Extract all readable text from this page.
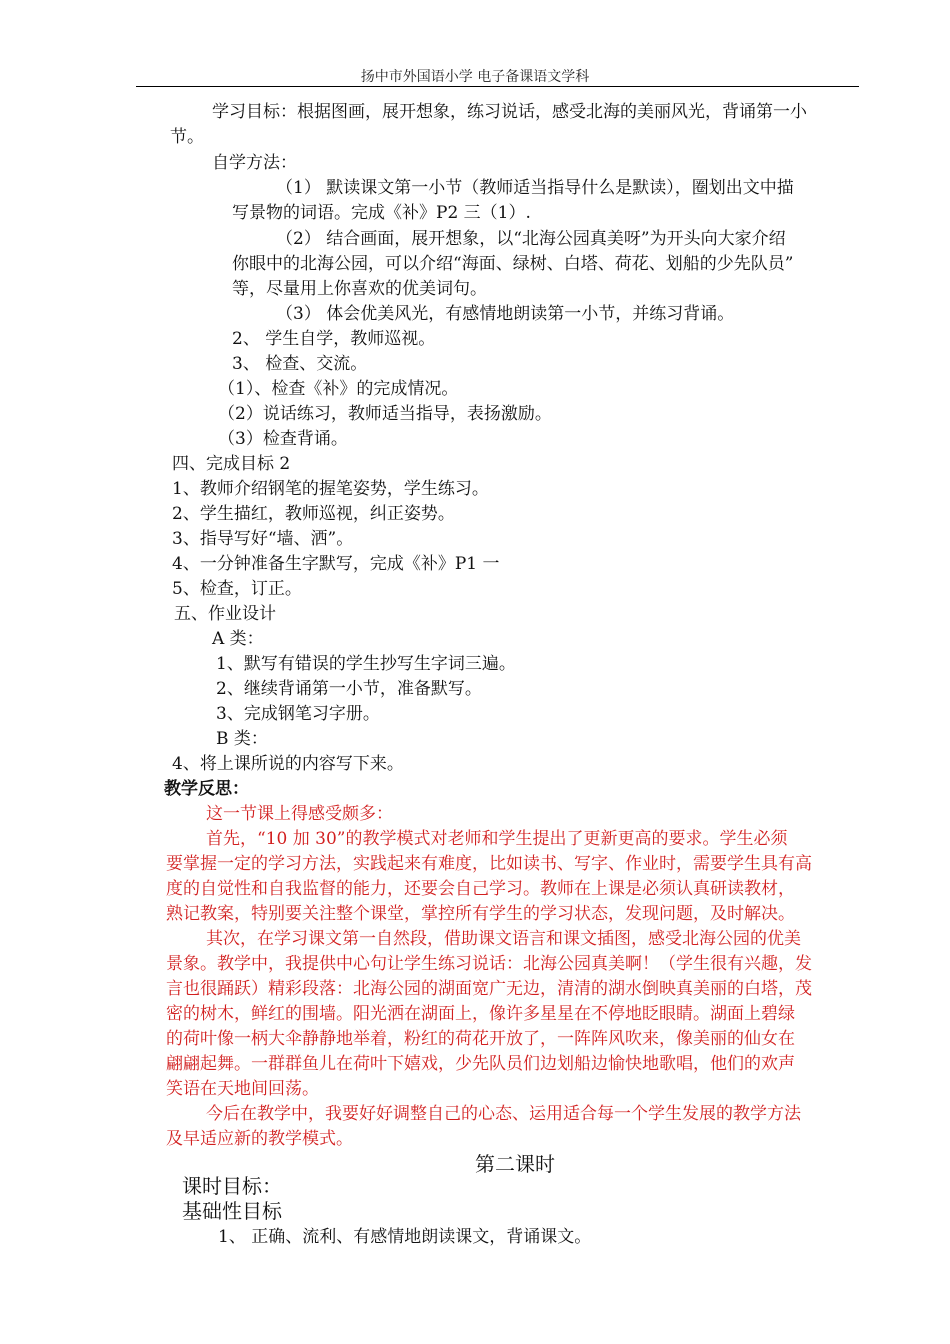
扬中市外国语小学 电子备课语文学科
学习目标：根据图画，展开想象，练习说话，感受北海的美丽风光，背诵第一小
节。
自学方法：
（1） 默读课文第一小节（教师适当指导什么是默读），圈划出文中描
写景物的词语。完成《补》P2 三（1）.
（2） 结合画面，展开想象，以“北海公园真美呀”为开头向大家介绍
你眼中的北海公园，可以介绍“海面、绿树、白塔、荷花、划船的少先队员”
等，尽量用上你喜欢的优美词句。
（3） 体会优美风光，有感情地朗读第一小节，并练习背诵。
2、 学生自学，教师巡视。
3、 检查、交流。
（1）、检查《补》的完成情况。
（2）说话练习，教师适当指导，表扬激励。
（3）检查背诵。
四、完成目标 2
1、教师介绍钢笔的握笔姿势，学生练习。
2、学生描红，教师巡视，纠正姿势。
3、指导写好“墙、洒”。
4、一分钟准备生字默写，完成《补》P1 一
5、检查，订正。
五、作业设计
A 类：
1、默写有错误的学生抄写生字词三遍。
2、继续背诵第一小节，准备默写。
3、完成钢笔习字册。
B 类：
4、将上课所说的内容写下来。
教学反思：
这一节课上得感受颇多：
首先，“10 加 30”的教学模式对老师和学生提出了更新更高的要求。学生必须
要掌握一定的学习方法，实践起来有难度，比如读书、写字、作业时，需要学生具有高
度的自觉性和自我监督的能力，还要会自己学习。教师在上课是必须认真研读教材，
熟记教案，特别要关注整个课堂，掌控所有学生的学习状态，发现问题，及时解决。
其次，在学习课文第一自然段，借助课文语言和课文插图，感受北海公园的优美
景象。教学中，我提供中心句让学生练习说话：北海公园真美啊！（学生很有兴趣，发
言也很踊跃）精彩段落：北海公园的湖面宽广无边，清清的湖水倒映真美丽的白塔，茂
密的树木，鲜红的围墙。阳光洒在湖面上，像许多星星在不停地眨眼睛。湖面上碧绿
的荷叶像一柄大伞静静地举着，粉红的荷花开放了，一阵阵风吹来，像美丽的仙女在
翩翩起舞。一群群鱼儿在荷叶下嬉戏，少先队员们边划船边愉快地歌唱，他们的欢声
笑语在天地间回荡。
今后在教学中，我要好好调整自己的心态、运用适合每一个学生发展的教学方法
及早适应新的教学模式。
第二课时
课时目标：
基础性目标
1、 正确、流利、有感情地朗读课文，背诵课文。
